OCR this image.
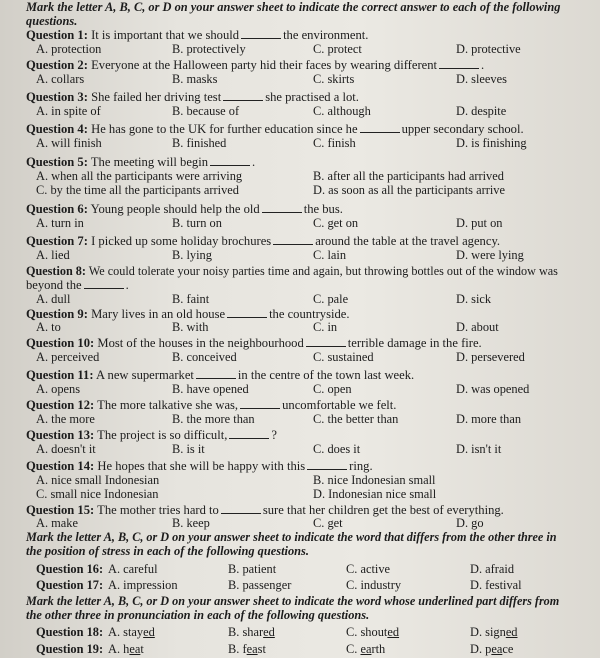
Mark the letter A, B, C, or D on your answer sheet to indicate the correct answer to each of the following
questions.
Question 1: It is important that we should	the environment.
A. protection	B. protectively	C. protect	D. protective
Question 2: Everyone at the Halloween party hid their faces by wearing different	.
A. collars	B. masks	C. skirts	D. sleeves
Question 3: She failed her driving test	she practised a lot.
A. in spite of	B. because of	C. although	D. despite
Question 4: He has gone to the UK for further education since he	upper secondary school.
A. will finish	B. finished	C. finish	D. is finishing
Question 5: The meeting will begin	.
A. when all the participants were arriving	B. after all the participants had arrived
C. by the time all the participants arrived	D. as soon as all the participants arrive
Question 6: Young people should help the old	the bus.
A. turn in	B. turn on	C. get on	D. put on
Question 7: I picked up some holiday brochures	around the table at the travel agency.
A. lied	B. lying	C. lain	D. were lying
Question 8: We could tolerate your noisy parties time and again, but throwing bottles out of the window was
beyond the	.
A. dull	B. faint	C. pale	D. sick
Question 9: Mary lives in an old house	the countryside.
A. to	B. with	C. in	D. about
Question 10: Most of the houses in the neighbourhood	terrible damage in the fire.
A. perceived	B. conceived	C. sustained	D. persevered
Question 11: A new supermarket	in the centre of the town last week.
A. opens	B. have opened	C. open	D. was opened
Question 12: The more talkative she was,	uncomfortable we felt.
A. the more	B. the more than	C. the better than	D. more than
Question 13: The project is so difficult,	?
A. doesn't it	B. is it	C. does it	D. isn't it
Question 14: He hopes that she will be happy with this	ring.
A. nice small Indonesian	B. nice Indonesian small
C. small nice Indonesian	D. Indonesian nice small
Question 15: The mother tries hard to	sure that her children get the best of everything.
A. make	B. keep	C. get	D. go
Mark the letter A, B, C, or D on your answer sheet to indicate the word that differs from the other three in
the position of stress in each of the following questions.
Question 16: A. careful	B. patient	C. active	D. afraid
Question 17: A. impression	B. passenger	C. industry	D. festival
Mark the letter A, B, C, or D on your answer sheet to indicate the word whose underlined part differs from
the other three in pronunciation in each of the following questions.
Question 18: A. stayed	B. shared	C. shouted	D. signed
Question 19: A. heat	B. feast	C. earth	D. peace
